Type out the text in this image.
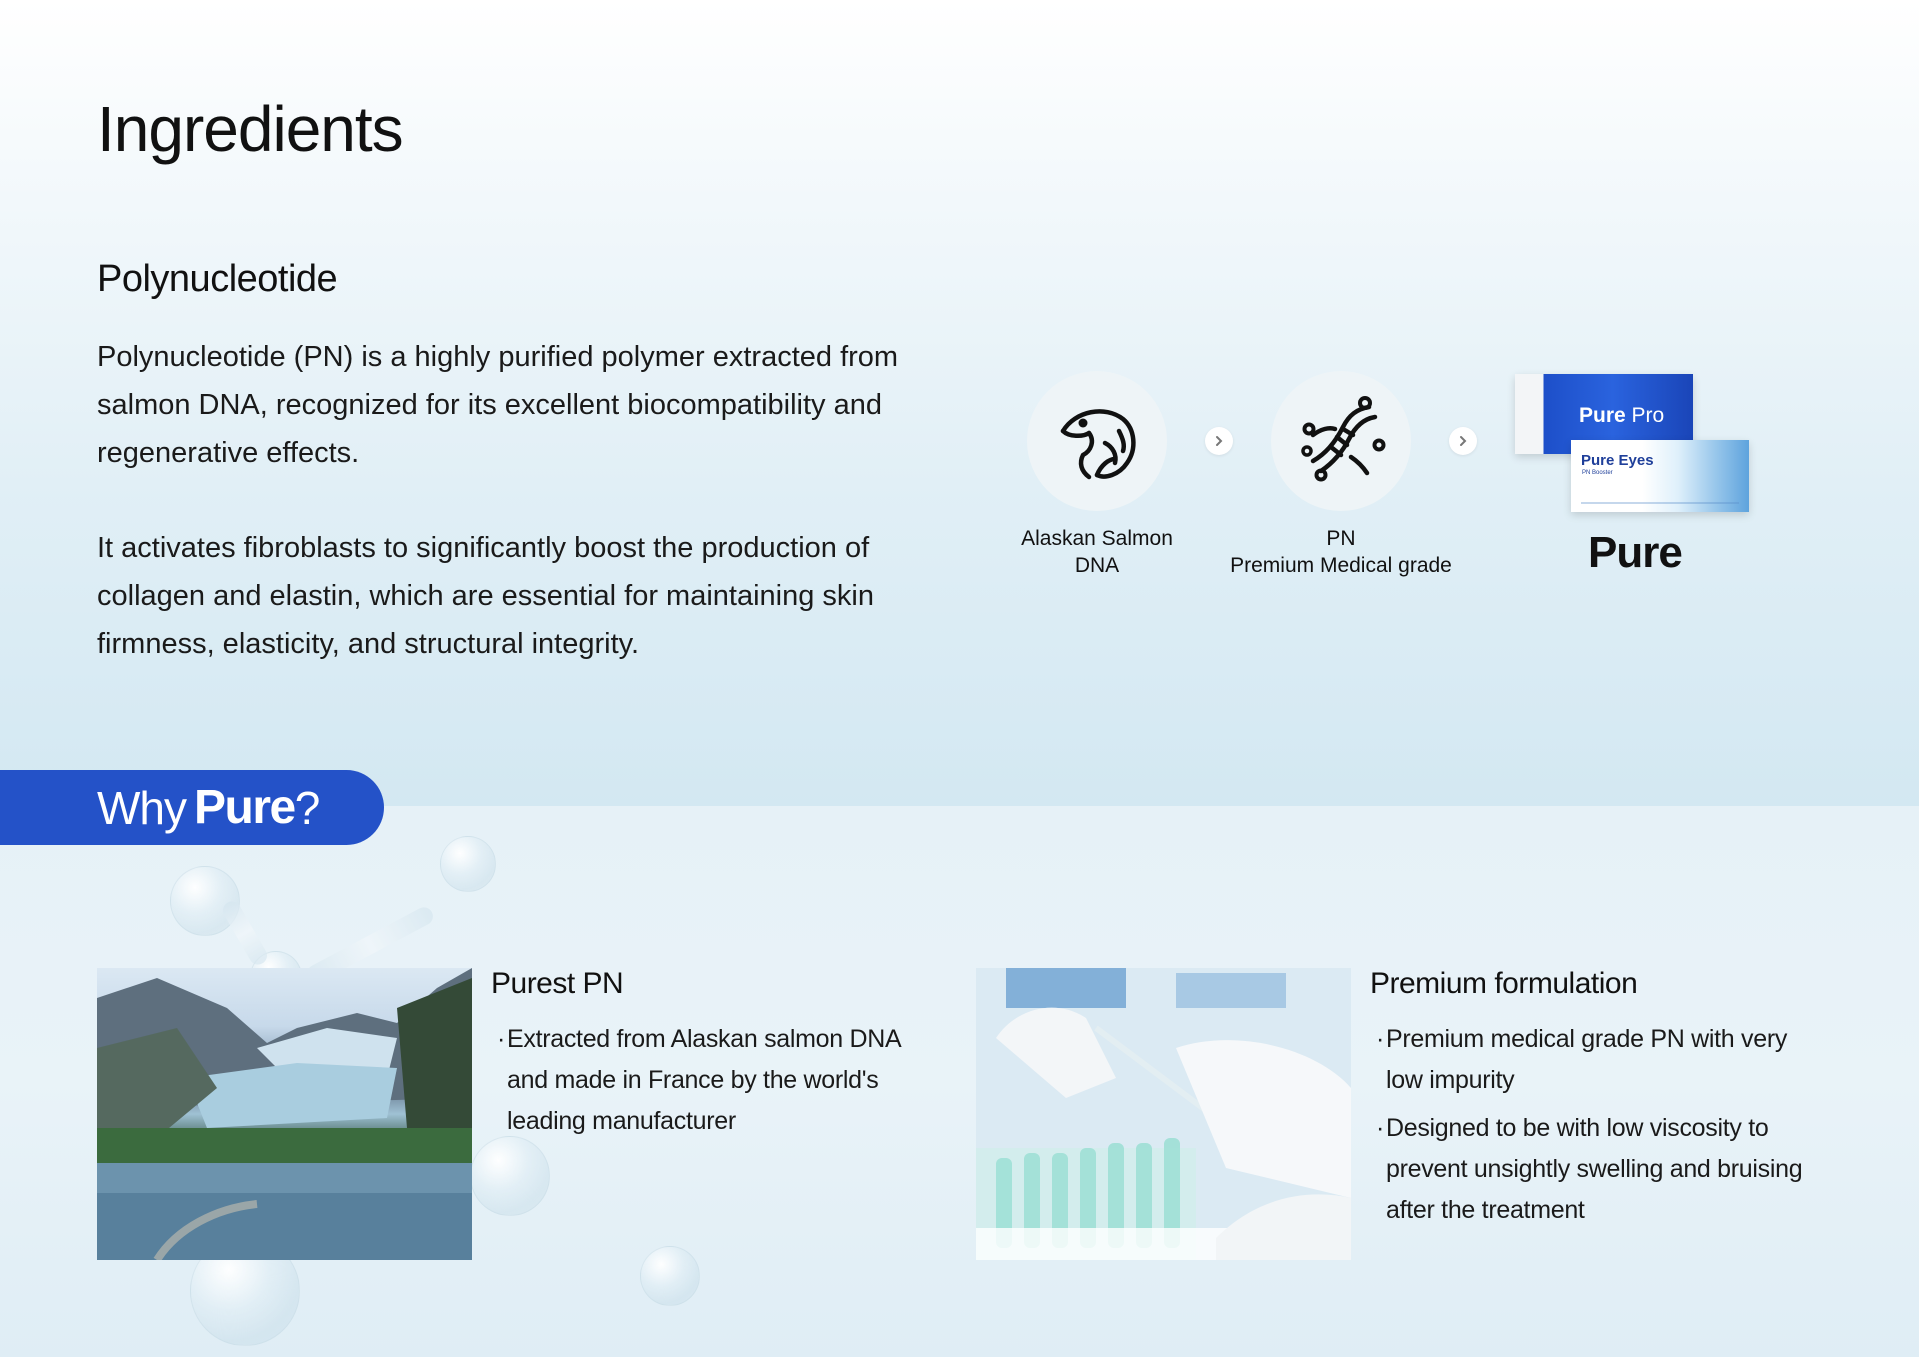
Ingredients
Polynucleotide
Polynucleotide (PN) is a highly purified polymer extracted from salmon DNA, recognized for its excellent biocompatibility and regenerative effects.
It activates fibroblasts to significantly boost the production of collagen and elastin, which are essential for maintaining skin firmness, elasticity, and structural integrity.
Alaskan Salmon
DNA
PN
Premium Medical grade
Pure Pro
Pure Eyes
PN Booster
Pure
Why Pure ?
Purest PN
· Extracted from Alaskan salmon DNA and made in France by the world's leading manufacturer
Premium formulation
· Premium medical grade PN with very low impurity
· Designed to be with low viscosity to prevent unsightly swelling and bruising after the treatment
